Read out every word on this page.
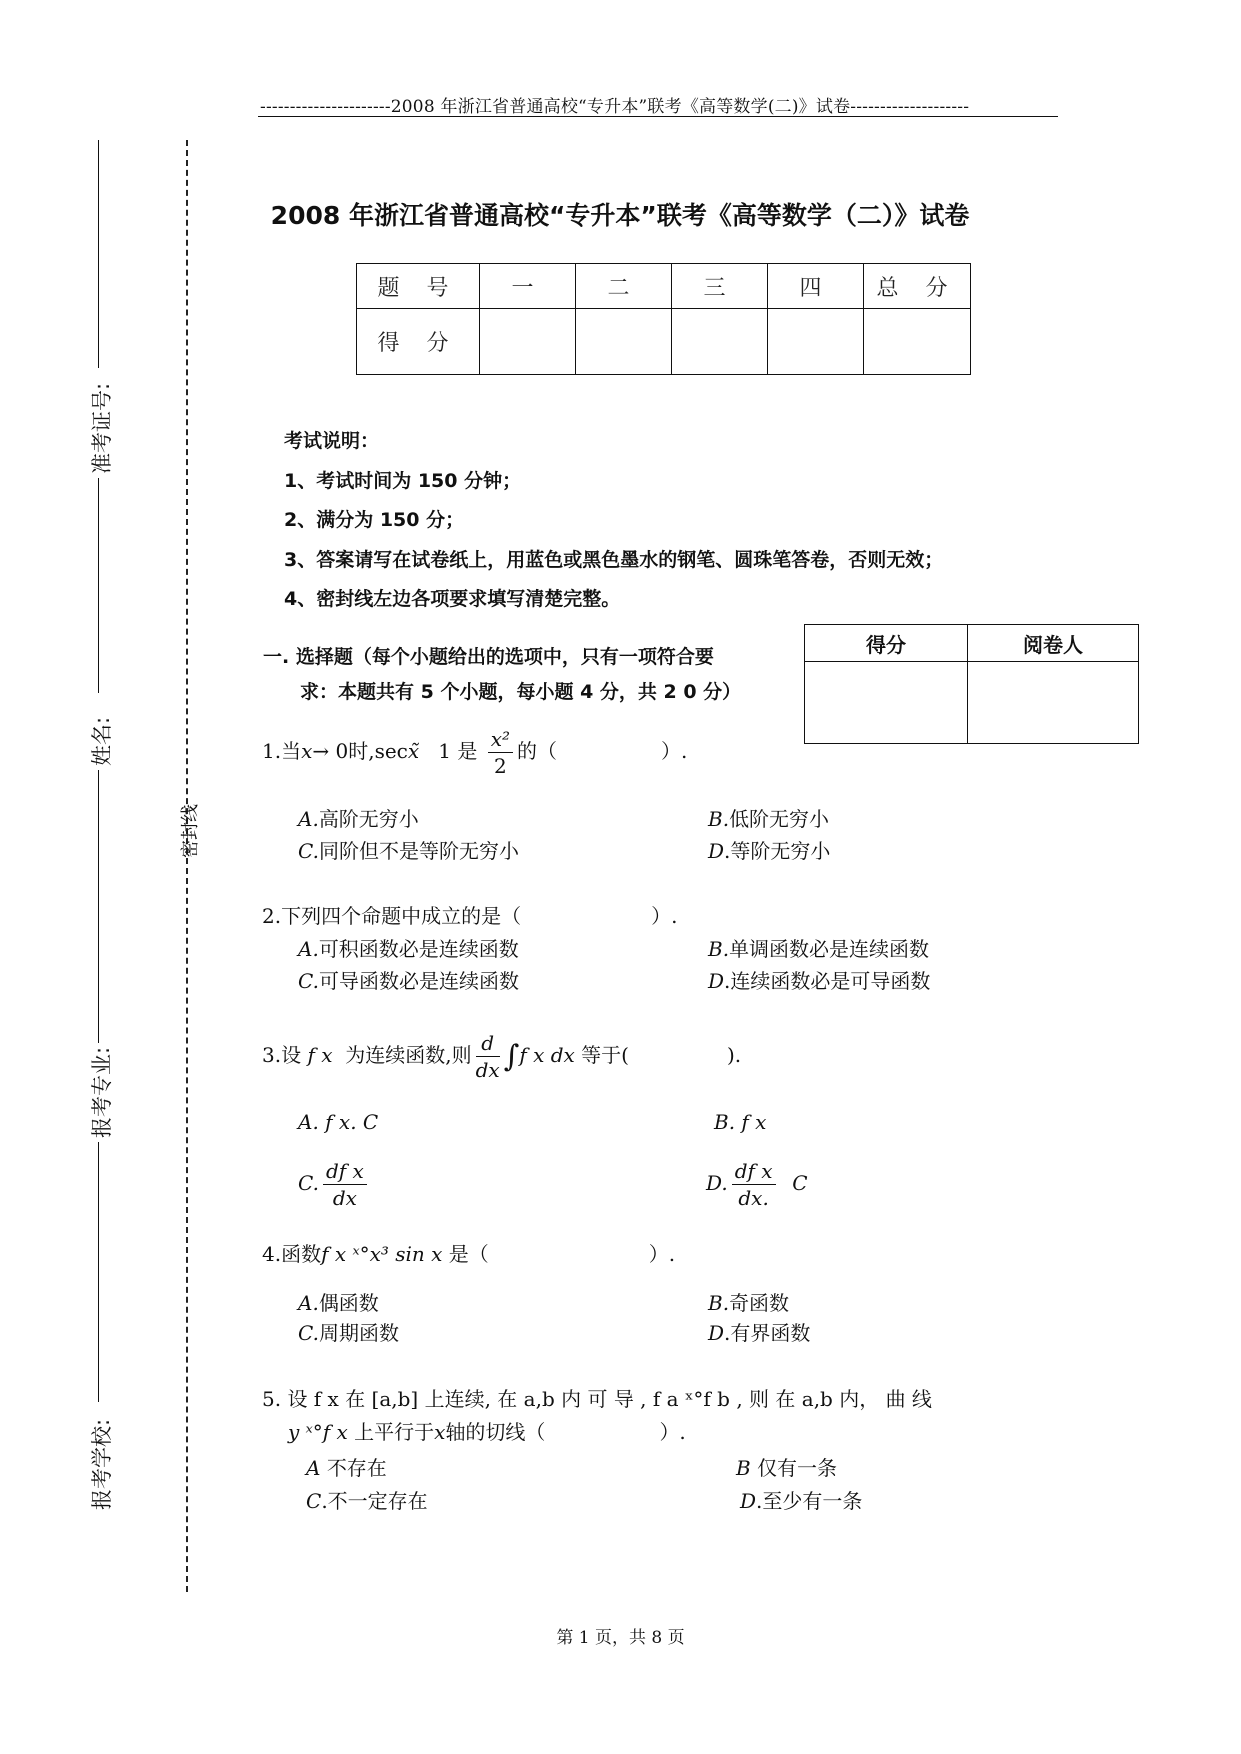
----------------------2008 年浙江省普通高校“专升本”联考《高等数学(二)》试卷--------------------
密封线
准考证号:
姓名:
报考专业:
报考学校:
2008 年浙江省普通高校“专升本”联考《高等数学（二）》试卷
题 号	一	二	三	四	总 分
得 分					
考试说明：
1、考试时间为 150 分钟；
2、满分为 150 分；
3、答案请写在试卷纸上，用蓝色或黑色墨水的钢笔、圆珠笔答卷，否则无效；
4、密封线左边各项要求填写清楚完整。
得分	阅卷人

一. 选择题（每个小题给出的选项中，只有一项符合要
求：本题共有 5 个小题，每小题 4 分，共 2 0 分）
1.当x→ 0时,secx̃ 1 是 $\frac{\text{x²}}{2}$ 的（	）.
A.高阶无穷小	B.低阶无穷小
C.同阶但不是等阶无穷小	D.等阶无穷小
2.下列四个命题中成立的是（	）.
A.可积函数必是连续函数	B.单调函数必是连续函数
C.可导函数必是连续函数	D.连续函数必是可导函数
3.设 f x 为连续函数,则 $\frac{d}{dx} \int f$ x dx 等于(	).
A. f x. C	B. f x
C. $\frac{\text{df x}}{dx}$	D. $\frac{\text{df x}}{dx.}$ C
4.函数f x ˣ°x³ sin x 是（	）.
A.偶函数	B.奇函数
C.周期函数	D.有界函数
5. 设 f x 在 [a,b] 上连续, 在 a,b 内 可 导 , f a ˣ°f b , 则 在 a,b 内， 曲 线
y ˣ°f x 上平行于x轴的切线（	）.
A 不存在	B 仅有一条
C.不一定存在	D.至少有一条
第 1 页，共 8 页
